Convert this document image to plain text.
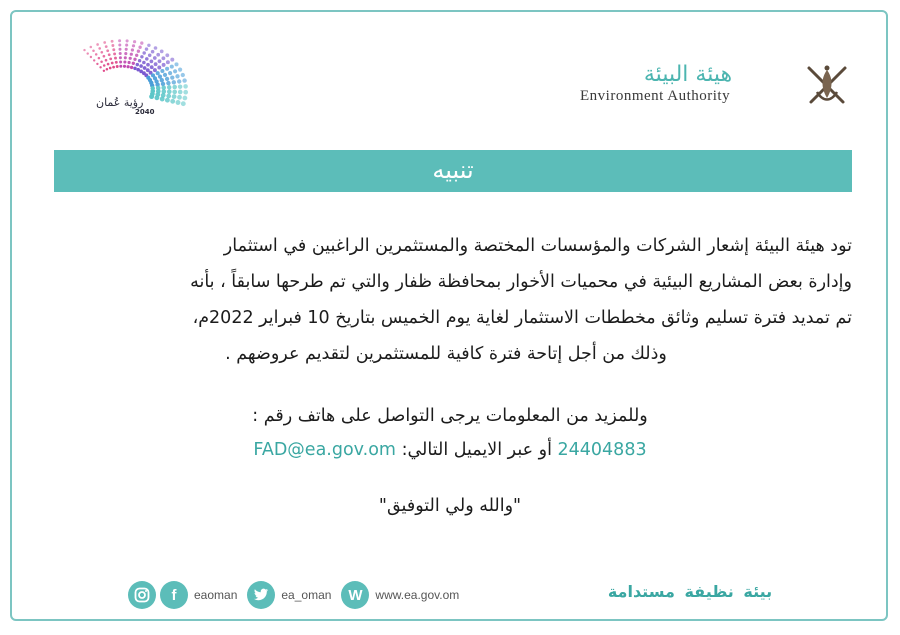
رؤية عُمان
2040
هيئة البيئة
Environment Authority
تنبيه
تود هيئة البيئة إشعار الشركات والمؤسسات المختصة والمستثمرين الراغبين في استثمار
وإدارة بعض المشاريع البيئية في محميات الأخوار بمحافظة ظفار والتي تم طرحها سابقاً ، بأنه
تم تمديد فترة تسليم وثائق مخططات الاستثمار لغاية يوم الخميس بتاريخ 10 فبراير 2022م،
وذلك من أجل إتاحة فترة كافية للمستثمرين لتقديم عروضهم .
وللمزيد من المعلومات يرجى التواصل على هاتف رقم :
24404883 أو عبر الايميل التالي: FAD@ea.gov.om
"والله ولي التوفيق"
f	eaoman	ea_oman	W	www.ea.gov.om	بيئة نظيفة مستدامة
